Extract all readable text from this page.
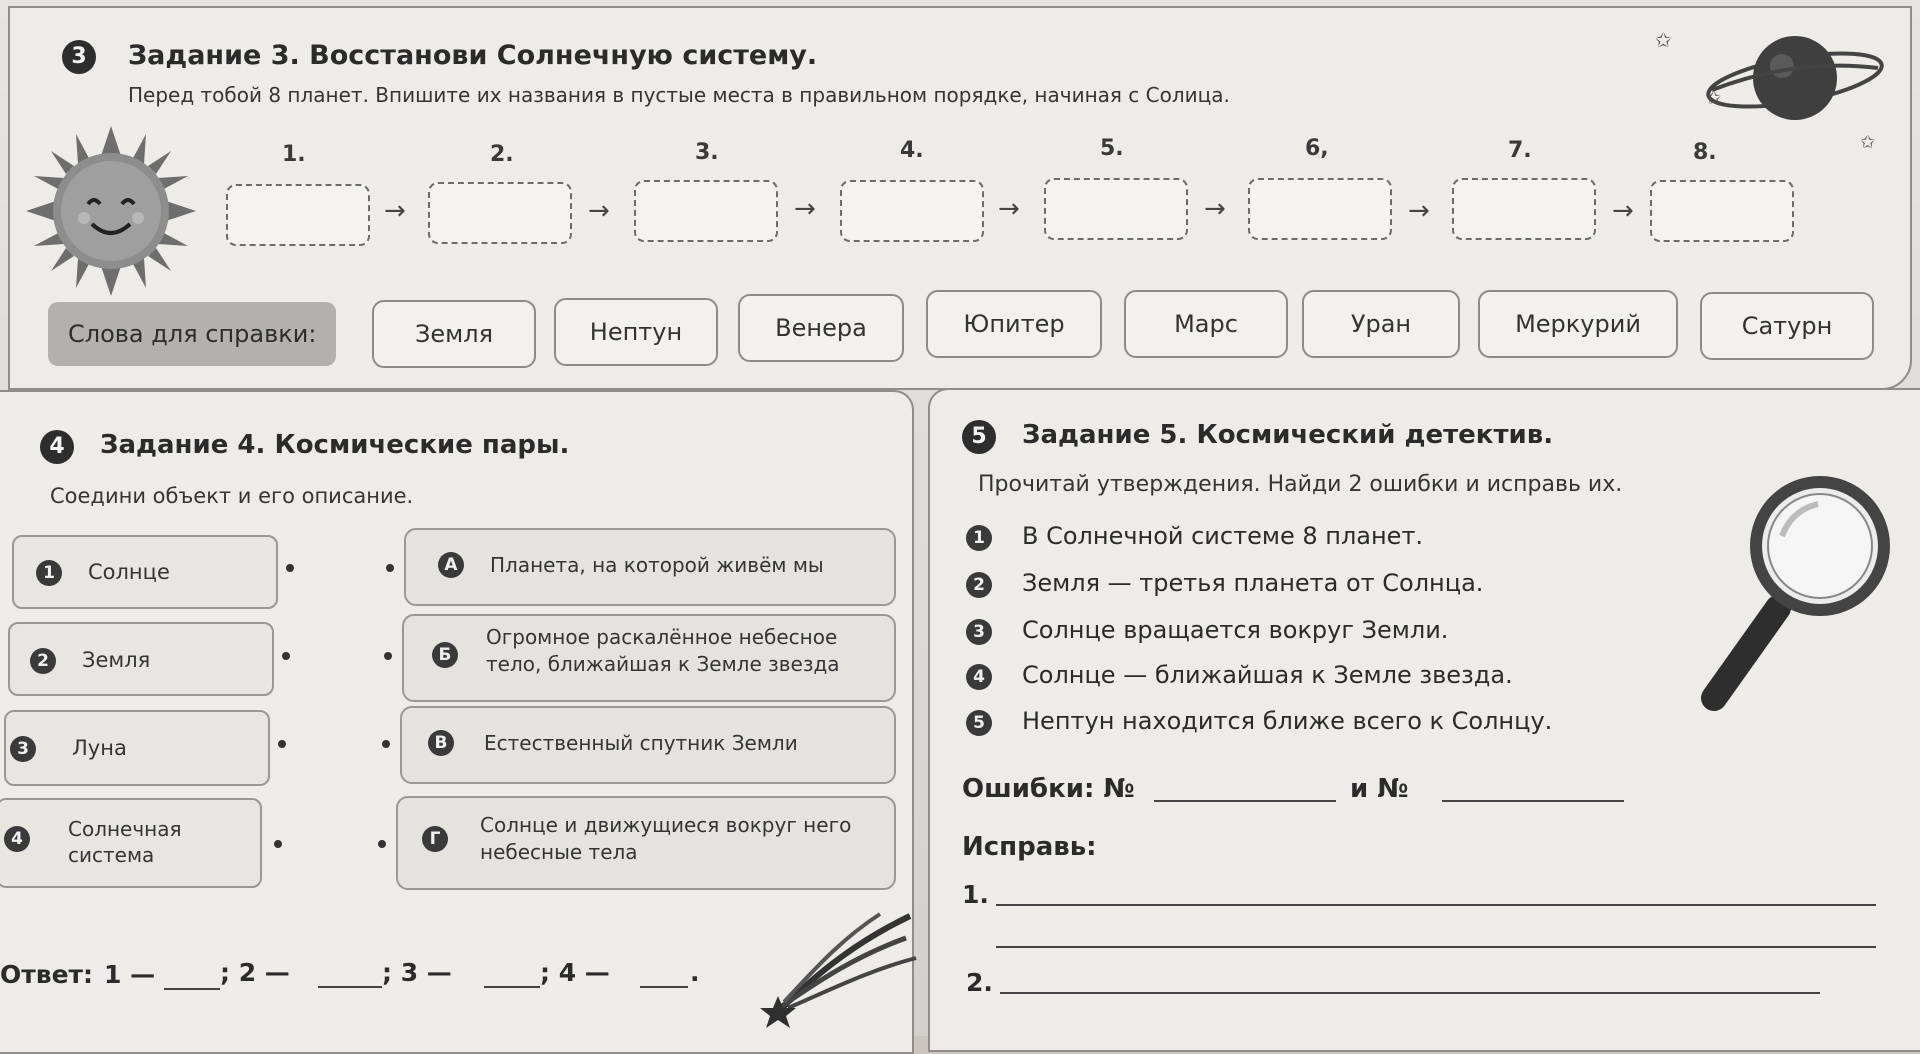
3	Задание 3. Восстанови Солнечную систему.
Перед тобой 8 планет. Впишите их названия в пустые места в правильном порядке, начиная с Солица.
✩
✩
✩
1.	2.	3.	4.	5.	6,	7.	8.
→	→	→	→	→	→	→
Слова для справки:	Земля	Нептун	Венера	Юпитер	Марс	Уран	Меркурий	Сатурн
4	Задание 4. Космические пары.
Соедини объект и его описание.
1	Солнце
2	Земля
3	Луна
4	Солнечная система
А	Планета, на которой живём мы
Б
Огромное раскалённое небесное тело, ближайшая к Земле звезда
В	Естественный спутник Земли
Г
Солнце и движущиеся вокруг него небесные тела
Ответ: 1 —	; 2 —	; 3 —	; 4 —	.
5	Задание 5. Космический детектив.
Прочитай утверждения. Найди 2 ошибки и исправь их.
1 В Солнечной системе 8 планет.
2 Земля — третья планета от Солнца.
3 Солнце вращается вокруг Земли.
4 Солнце — ближайшая к Земле звезда.
5 Нептун находится ближе всего к Солнцу.
Ошибки: №	и №
Исправь:
1.
2.
